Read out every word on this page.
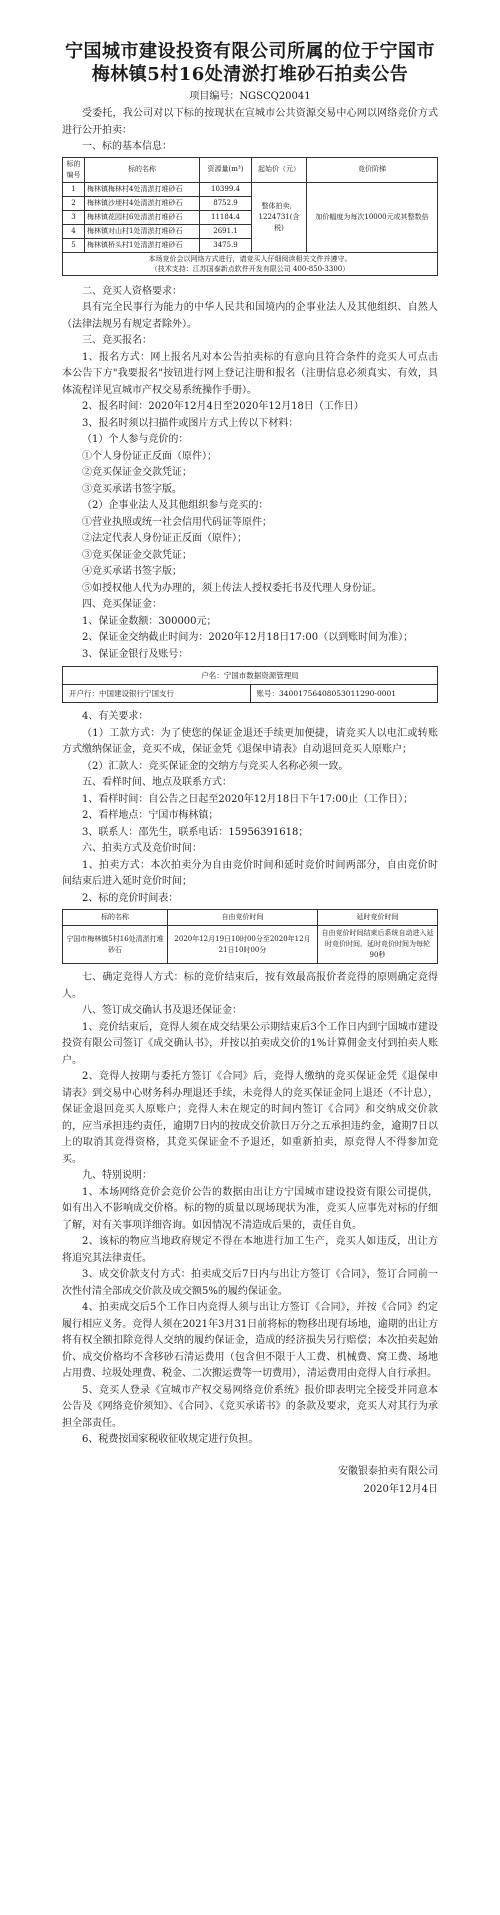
宁国城市建设投资有限公司所属的位于宁国市
梅林镇5村16处清淤打堆砂石拍卖公告
项目编号：NGSCQ20041

受委托，我公司对以下标的按现状在宣城市公共资源交易中心网以网络竞价方式进行公开拍卖：

一、标的基本信息：

标的编号	标的名称	资源量(m³)	起始价（元）	竞价阶梯
1	梅林镇梅林村4处清淤打堆砂石	10399.4	整体拍卖，1224731(含税)	加价幅度为每次10000元或其整数倍
2	梅林镇沙埂村4处清淤打堆砂石	8752.9		
3	梅林镇花园村6处清淤打堆砂石	11184.4		
4	梅林镇对山村1处清淤打堆砂石	2691.1		
5	梅林镇桥头村1处清淤打堆砂石	3475.9		

本场竞价会以网络方式进行，请竞买人仔细阅读相关文件并遵守。
（技术支持：江苏国泰新点软件开发有限公司 400-850-3300）				

二、竞买人资格要求：

具有完全民事行为能力的中华人民共和国境内的企事业法人及其他组织、自然人（法律法规另有规定者除外）。

三、竞买报名：

1、报名方式：网上报名凡对本公告拍卖标的有意向且符合条件的竞买人可点击本公告下方"我要报名"按钮进行网上登记注册和报名（注册信息必须真实、有效，具体流程详见宣城市产权交易系统操作手册）。

2、报名时间：2020年12月4日至2020年12月18日（工作日）

3、报名时须以扫描件或图片方式上传以下材料：

（1）个人参与竞价的：

①个人身份证正反面（原件）；

②竞买保证金交款凭证；

③竞买承诺书签字版。

（2）企事业法人及其他组织参与竞买的：

①营业执照或统一社会信用代码证等原件；

②法定代表人身份证正反面（原件）；

③竞买保证金交款凭证；

④竞买承诺书签字版；

⑤如授权他人代为办理的，须上传法人授权委托书及代理人身份证。

四、竞买保证金：

1、保证金数额：300000元；

2、保证金交纳截止时间为：2020年12月18日17:00（以到账时间为准）；

3、保证金银行及账号：

户名：宁国市数据资源管理局
开户行：中国建设银行宁国支行	账号：34001756408053011290-0001

4、有关要求：

（1）工款方式：为了使您的保证金退还手续更加便捷，请竞买人以电汇或转账方式缴纳保证金，竞买不成，保证金凭《退保申请表》自动退回竞买人原账户；

（2）汇款人：竞买保证金的交纳方与竞买人名称必须一致。

五、看样时间、地点及联系方式：

1、看样时间：自公告之日起至2020年12月18日下午17:00止（工作日）；

2、看样地点：宁国市梅林镇；

3、联系人：邵先生，联系电话：15956391618；

六、拍卖方式及竞价时间：

1、拍卖方式：本次拍卖分为自由竞价时间和延时竞价时间两部分，自由竞价时间结束后进入延时竞价时间；

2、标的竞价时间表：

标的名称	自由竞价时间	延时竞价时间
宁国市梅林镇5村16处清淤打堆砂石	2020年12月19日10时00分至2020年12月21日10时00分	自由竞价时间结束后系统自动进入延时竞价时间，延时竞价时间为每轮90秒

七、确定竞得人方式：标的竞价结束后，按有效最高报价者竞得的原则确定竞得人。

八、签订成交确认书及退还保证金：

1、竞价结束后，竞得人须在成交结果公示期结束后3个工作日内到宁国城市建设投资有限公司签订《成交确认书》，并按以拍卖成交价的1%计算佣金支付到拍卖人账户。

2、竞得人按期与委托方签订《合同》后，竞得人缴纳的竞买保证金凭《退保申请表》到交易中心财务科办理退还手续，未竞得人的竞买保证金同上退还（不计息），保证金退回竞买人原账户；竞得人未在规定的时间内签订《合同》和交纳成交价款的，应当承担违约责任，逾期7日内的按成交价款日万分之五承担违约金，逾期7日以上的取消其竞得资格，其竞买保证金不予退还，如重新拍卖，原竞得人不得参加竞买。

九、特别说明：

1、本场网络竞价会竞价公告的数据由出让方宁国城市建设投资有限公司提供，如有出入不影响成交价格。标的物的质量以现场现状为准，竞买人应事先对标的仔细了解，对有关事项详细咨询。如因情况不清造成后果的，责任自负。

2、该标的物应当地政府规定不得在本地进行加工生产，竞买人如违反，出让方将追究其法律责任。

3、成交价款支付方式：拍卖成交后7日内与出让方签订《合同》，签订合同前一次性付清全部成交价款及成交额5%的履约保证金。

4、拍卖成交后5个工作日内竞得人须与出让方签订《合同》，并按《合同》约定履行相应义务。竞得人须在2021年3月31日前将标的物移出现有场地，逾期的出让方将有权全额扣除竞得人交纳的履约保证金，造成的经济损失另行赔偿；本次拍卖起始价、成交价格均不含移砂石清运费用（包含但不限于人工费、机械费、窝工费、场地占用费、垃圾处理费、税金、二次搬运费等一切费用），清运费用由竞得人自行承担。

5、竞买人登录《宣城市产权交易网络竞价系统》报价即表明完全接受并同意本公告及《网络竞价须知》、《合同》、《竞买承诺书》的条款及要求，竞买人对其行为承担全部责任。

6、税费按国家税收征收规定进行负担。

安徽银泰拍卖有限公司
2020年12月4日
